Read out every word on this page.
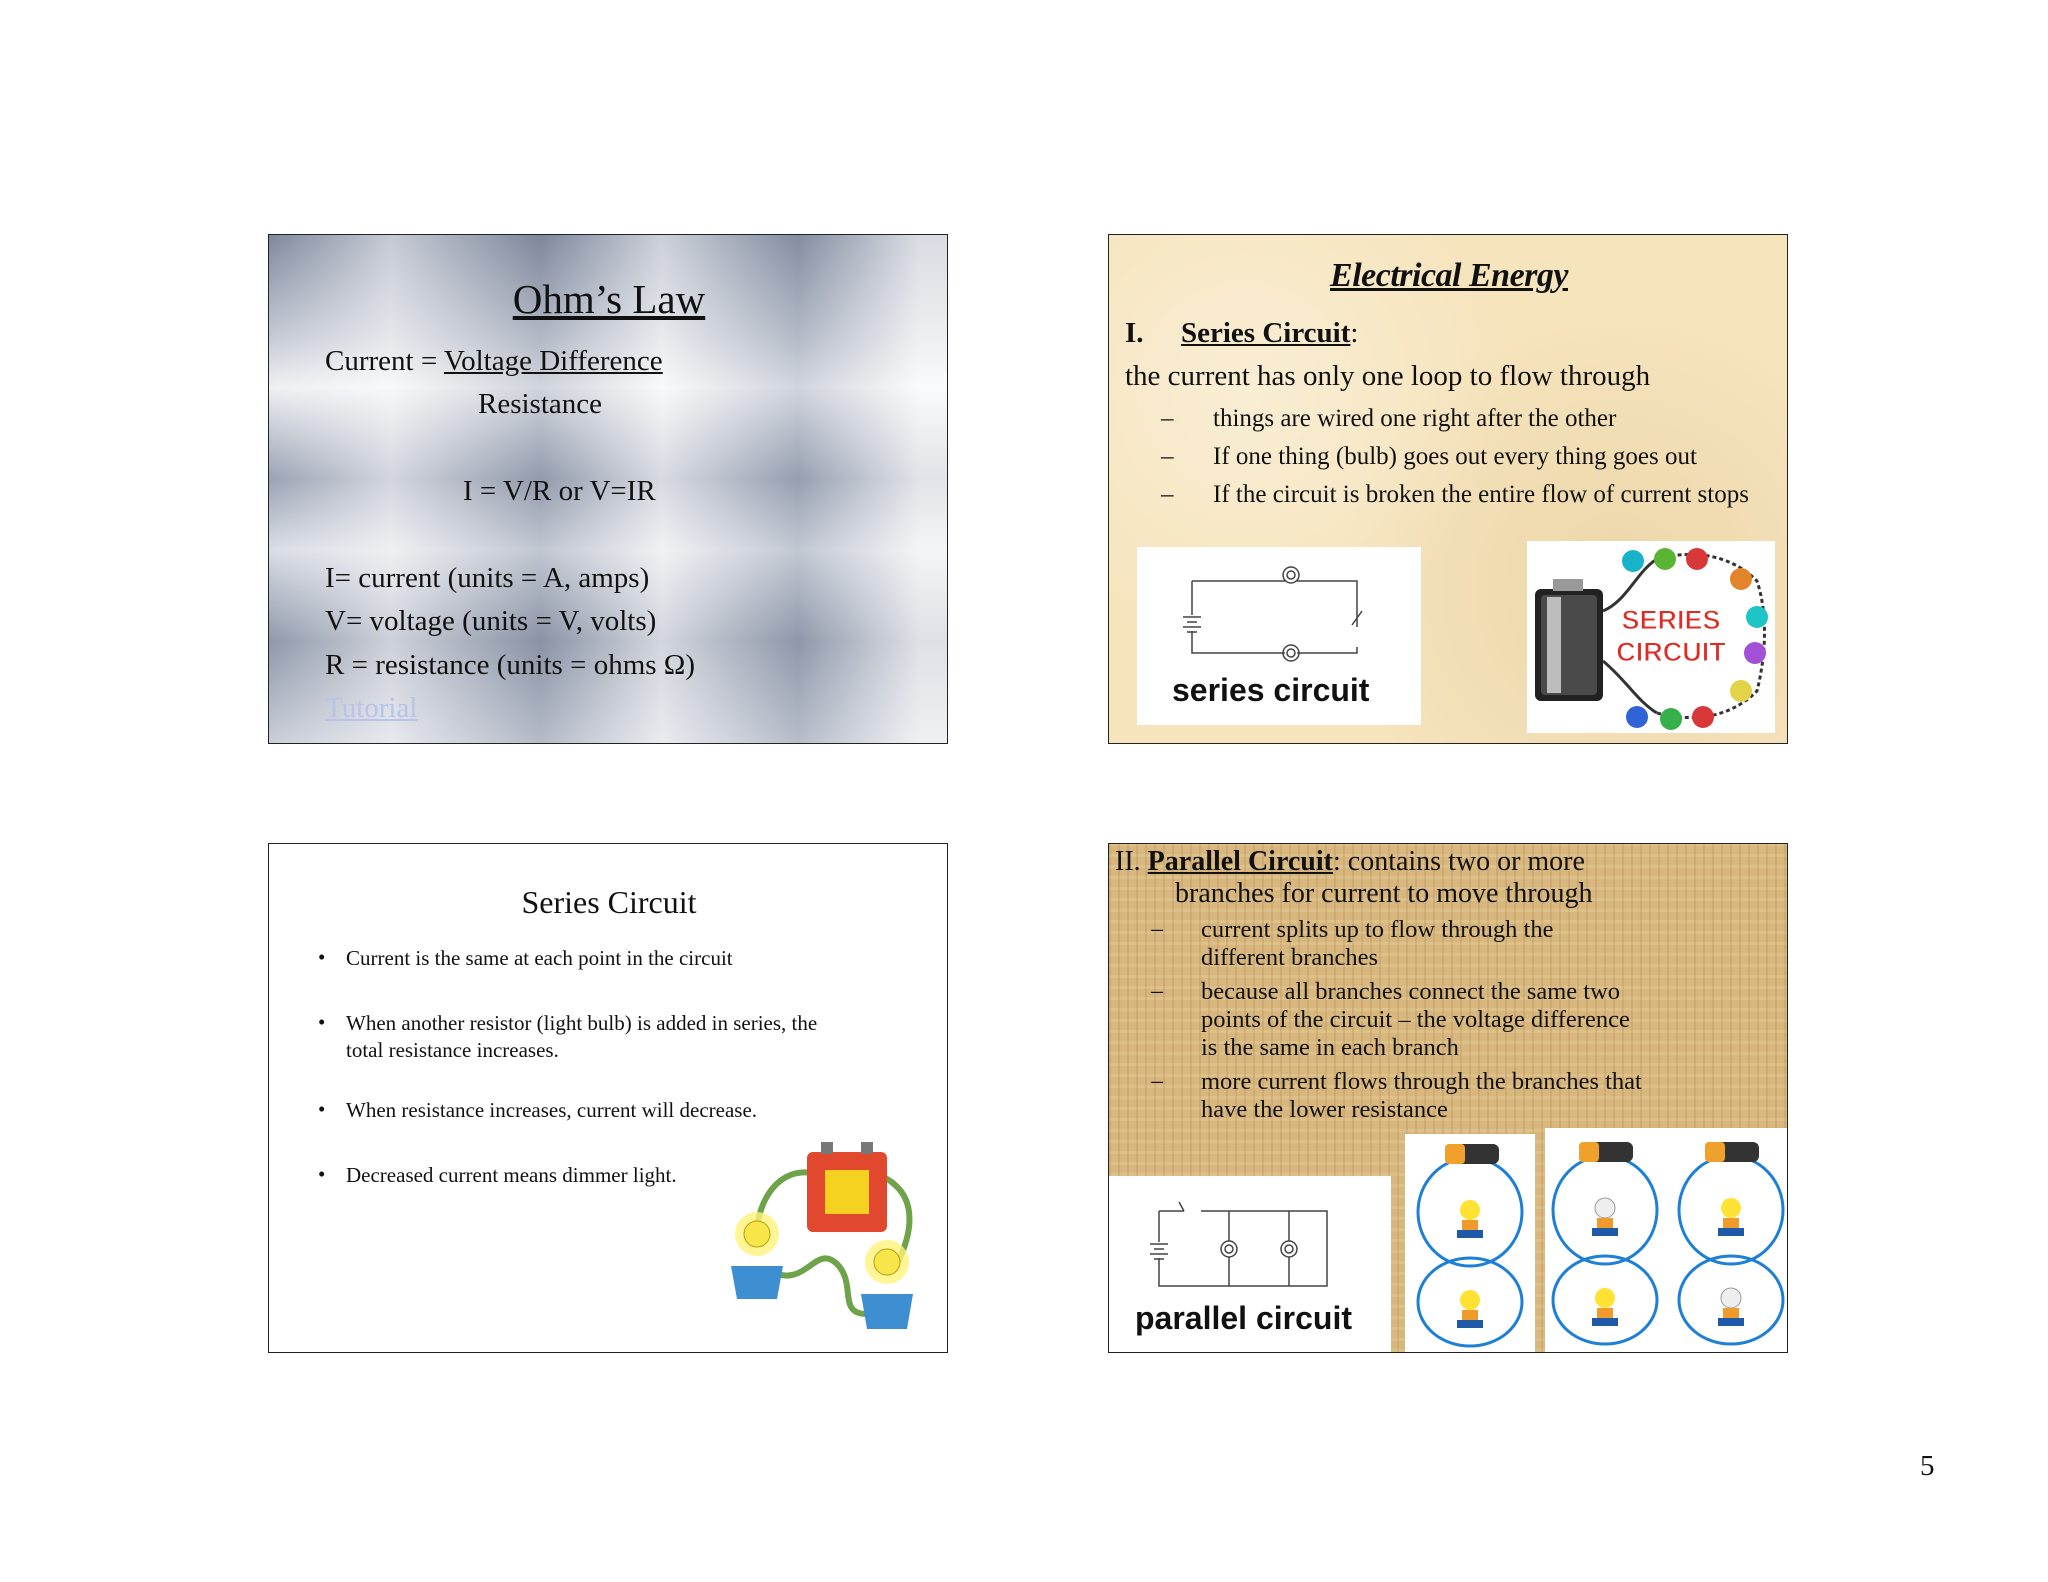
Ohm’s Law
Current = Voltage Difference
Resistance
I = V/R or V=IR
I= current (units = A, amps)
V= voltage (units = V, volts)
R = resistance (units = ohms Ω)
Tutorial
Electrical Energy
I. Series Circuit:
the current has only one loop to flow through
– things are wired one right after the other
– If one thing (bulb) goes out every thing goes out
– If the circuit is broken the entire flow of current stops
series circuit
SERIES
CIRCUIT
Series Circuit
• Current is the same at each point in the circuit
• When another resistor (light bulb) is added in series, the
total resistance increases.
• When resistance increases, current will decrease.
• Decreased current means dimmer light.
II. Parallel Circuit: contains two or more
branches for current to move through
– current splits up to flow through the
different branches
– because all branches connect the same two
points of the circuit – the voltage difference
is the same in each branch
– more current flows through the branches that
have the lower resistance
parallel circuit
5
